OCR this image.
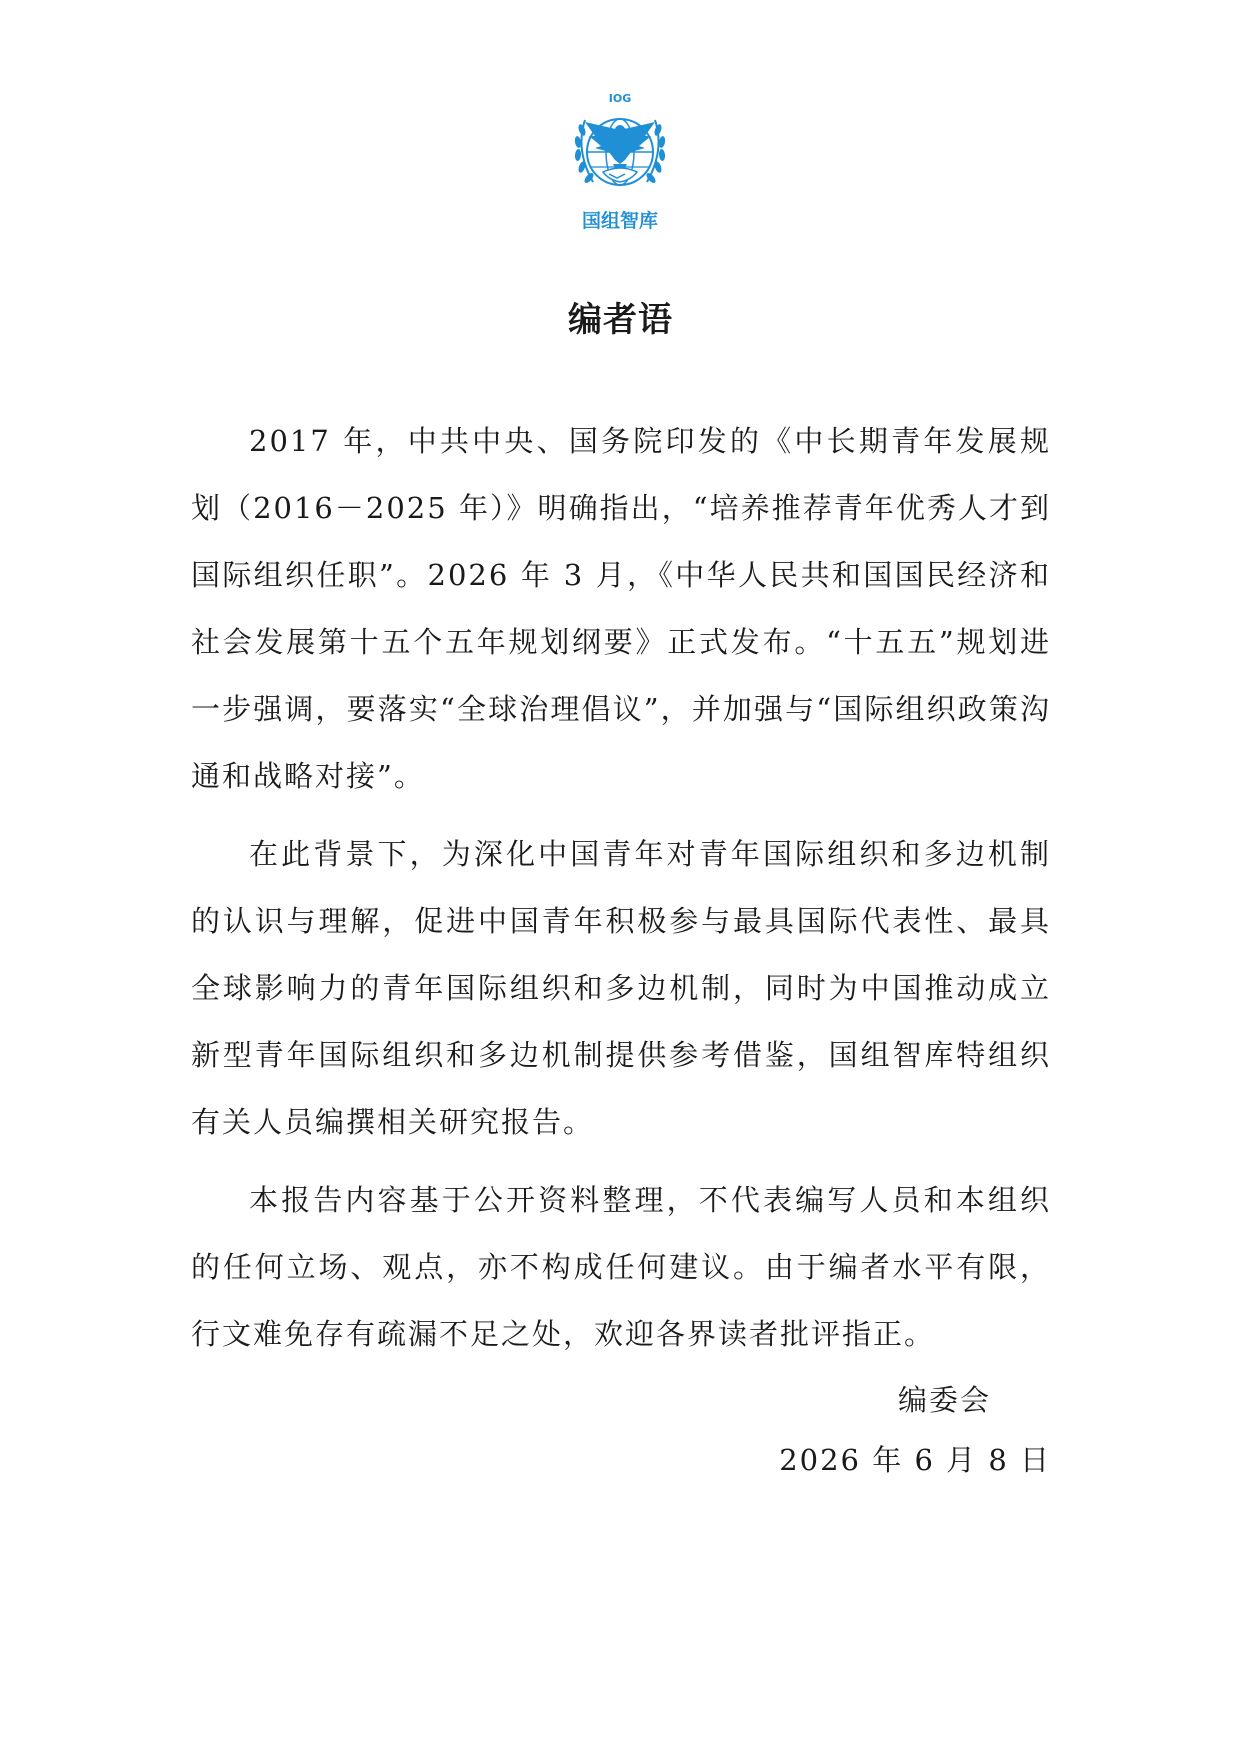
IOG
国组智库
编者语

2017 年，中共中央、国务院印发的《中长期青年发展规划（2016－2025 年）》明确指出，“培养推荐青年优秀人才到国际组织任职”。2026 年 3 月，《中华人民共和国国民经济和社会发展第十五个五年规划纲要》正式发布。“十五五”规划进一步强调，要落实“全球治理倡议”，并加强与“国际组织政策沟通和战略对接”。

在此背景下，为深化中国青年对青年国际组织和多边机制的认识与理解，促进中国青年积极参与最具国际代表性、最具全球影响力的青年国际组织和多边机制，同时为中国推动成立新型青年国际组织和多边机制提供参考借鉴，国组智库特组织有关人员编撰相关研究报告。

本报告内容基于公开资料整理，不代表编写人员和本组织的任何立场、观点，亦不构成任何建议。由于编者水平有限，行文难免存有疏漏不足之处，欢迎各界读者批评指正。

编委会
2026 年 6 月 8 日
